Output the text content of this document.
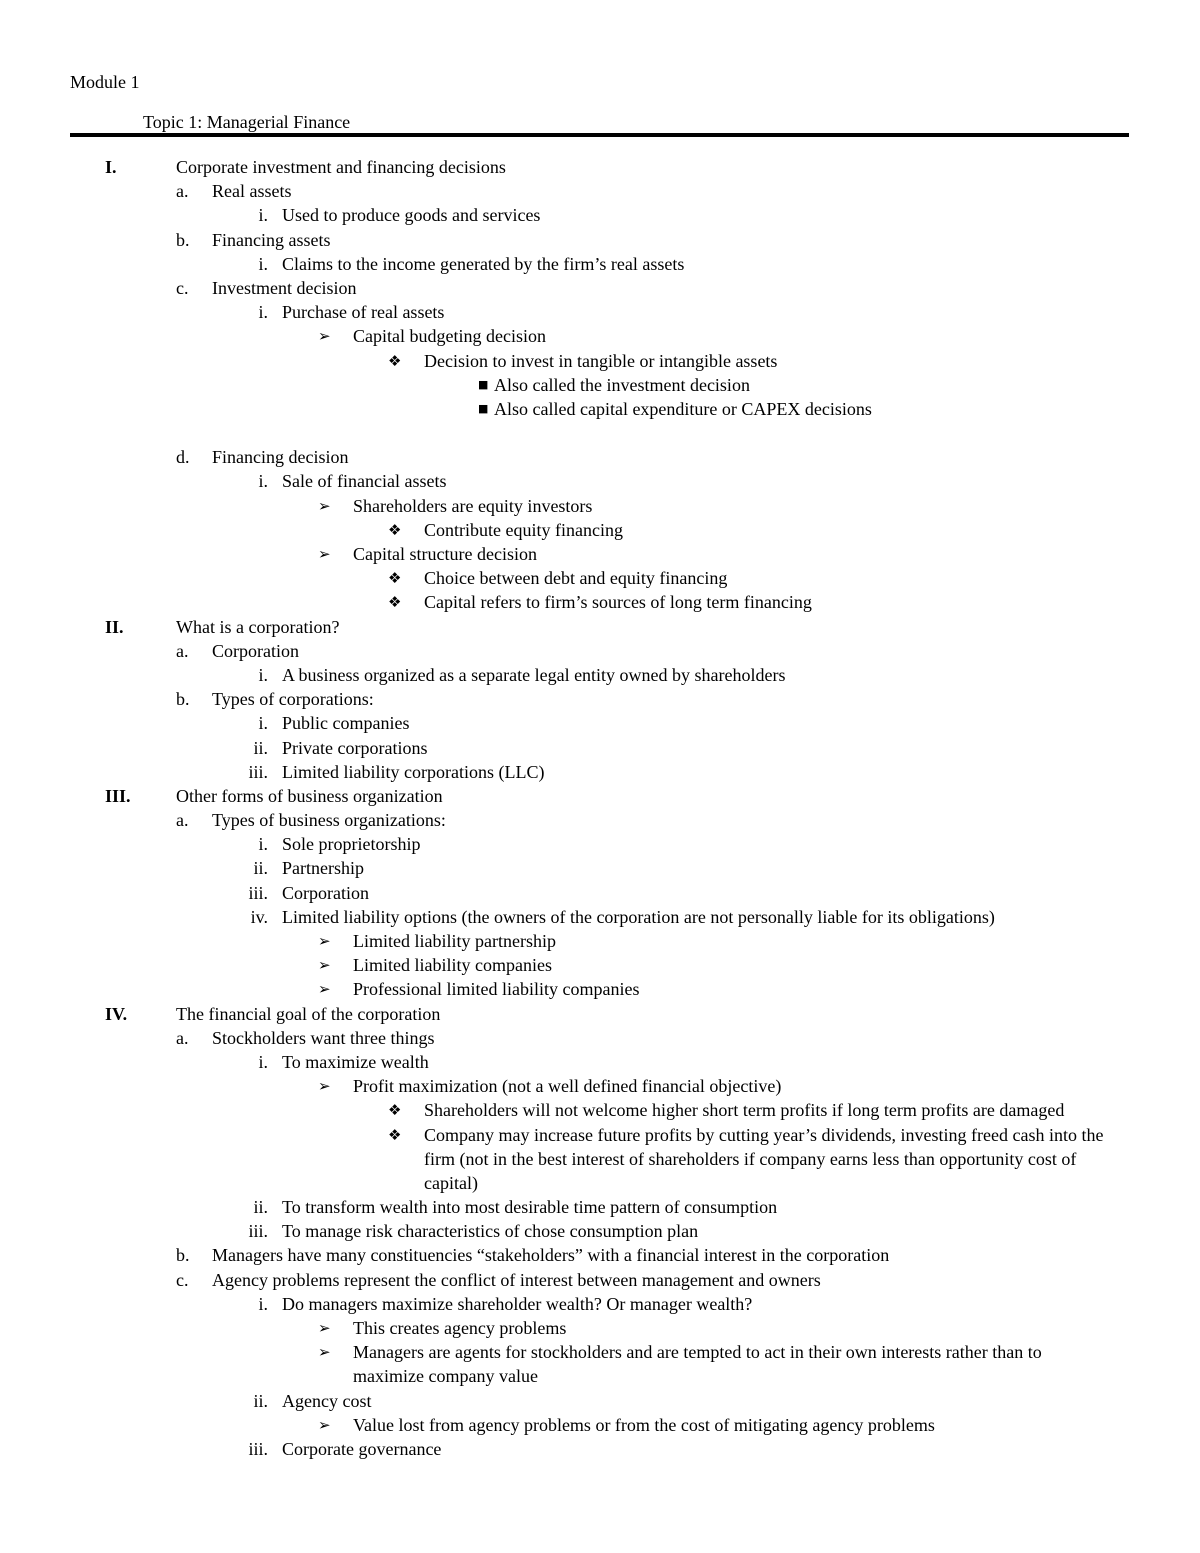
Module 1
Topic 1: Managerial Finance
I.	Corporate investment and financing decisions
a. Real assets
i. Used to produce goods and services
b. Financing assets
i. Claims to the income generated by the firm’s real assets
c. Investment decision
i. Purchase of real assets
➢ Capital budgeting decision
❖ Decision to invest in tangible or intangible assets
■ Also called the investment decision
■ Also called capital expenditure or CAPEX decisions
d. Financing decision
i. Sale of financial assets
➢ Shareholders are equity investors
❖ Contribute equity financing
➢ Capital structure decision
❖ Choice between debt and equity financing
❖ Capital refers to firm’s sources of long term financing
II.	What is a corporation?
a. Corporation
i. A business organized as a separate legal entity owned by shareholders
b. Types of corporations:
i. Public companies
ii. Private corporations
iii. Limited liability corporations (LLC)
III.	Other forms of business organization
a. Types of business organizations:
i. Sole proprietorship
ii. Partnership
iii. Corporation
iv. Limited liability options (the owners of the corporation are not personally liable for its obligations)
➢ Limited liability partnership
➢ Limited liability companies
➢ Professional limited liability companies
IV.	The financial goal of the corporation
a. Stockholders want three things
i. To maximize wealth
➢ Profit maximization (not a well defined financial objective)
❖ Shareholders will not welcome higher short term profits if long term profits are damaged
❖ Company may increase future profits by cutting year’s dividends, investing freed cash into the firm (not in the best interest of shareholders if company earns less than opportunity cost of capital)
ii. To transform wealth into most desirable time pattern of consumption
iii. To manage risk characteristics of chose consumption plan
b. Managers have many constituencies “stakeholders” with a financial interest in the corporation
c. Agency problems represent the conflict of interest between management and owners
i. Do managers maximize shareholder wealth? Or manager wealth?
➢ This creates agency problems
➢ Managers are agents for stockholders and are tempted to act in their own interests rather than to maximize company value
ii. Agency cost
➢ Value lost from agency problems or from the cost of mitigating agency problems
iii. Corporate governance
